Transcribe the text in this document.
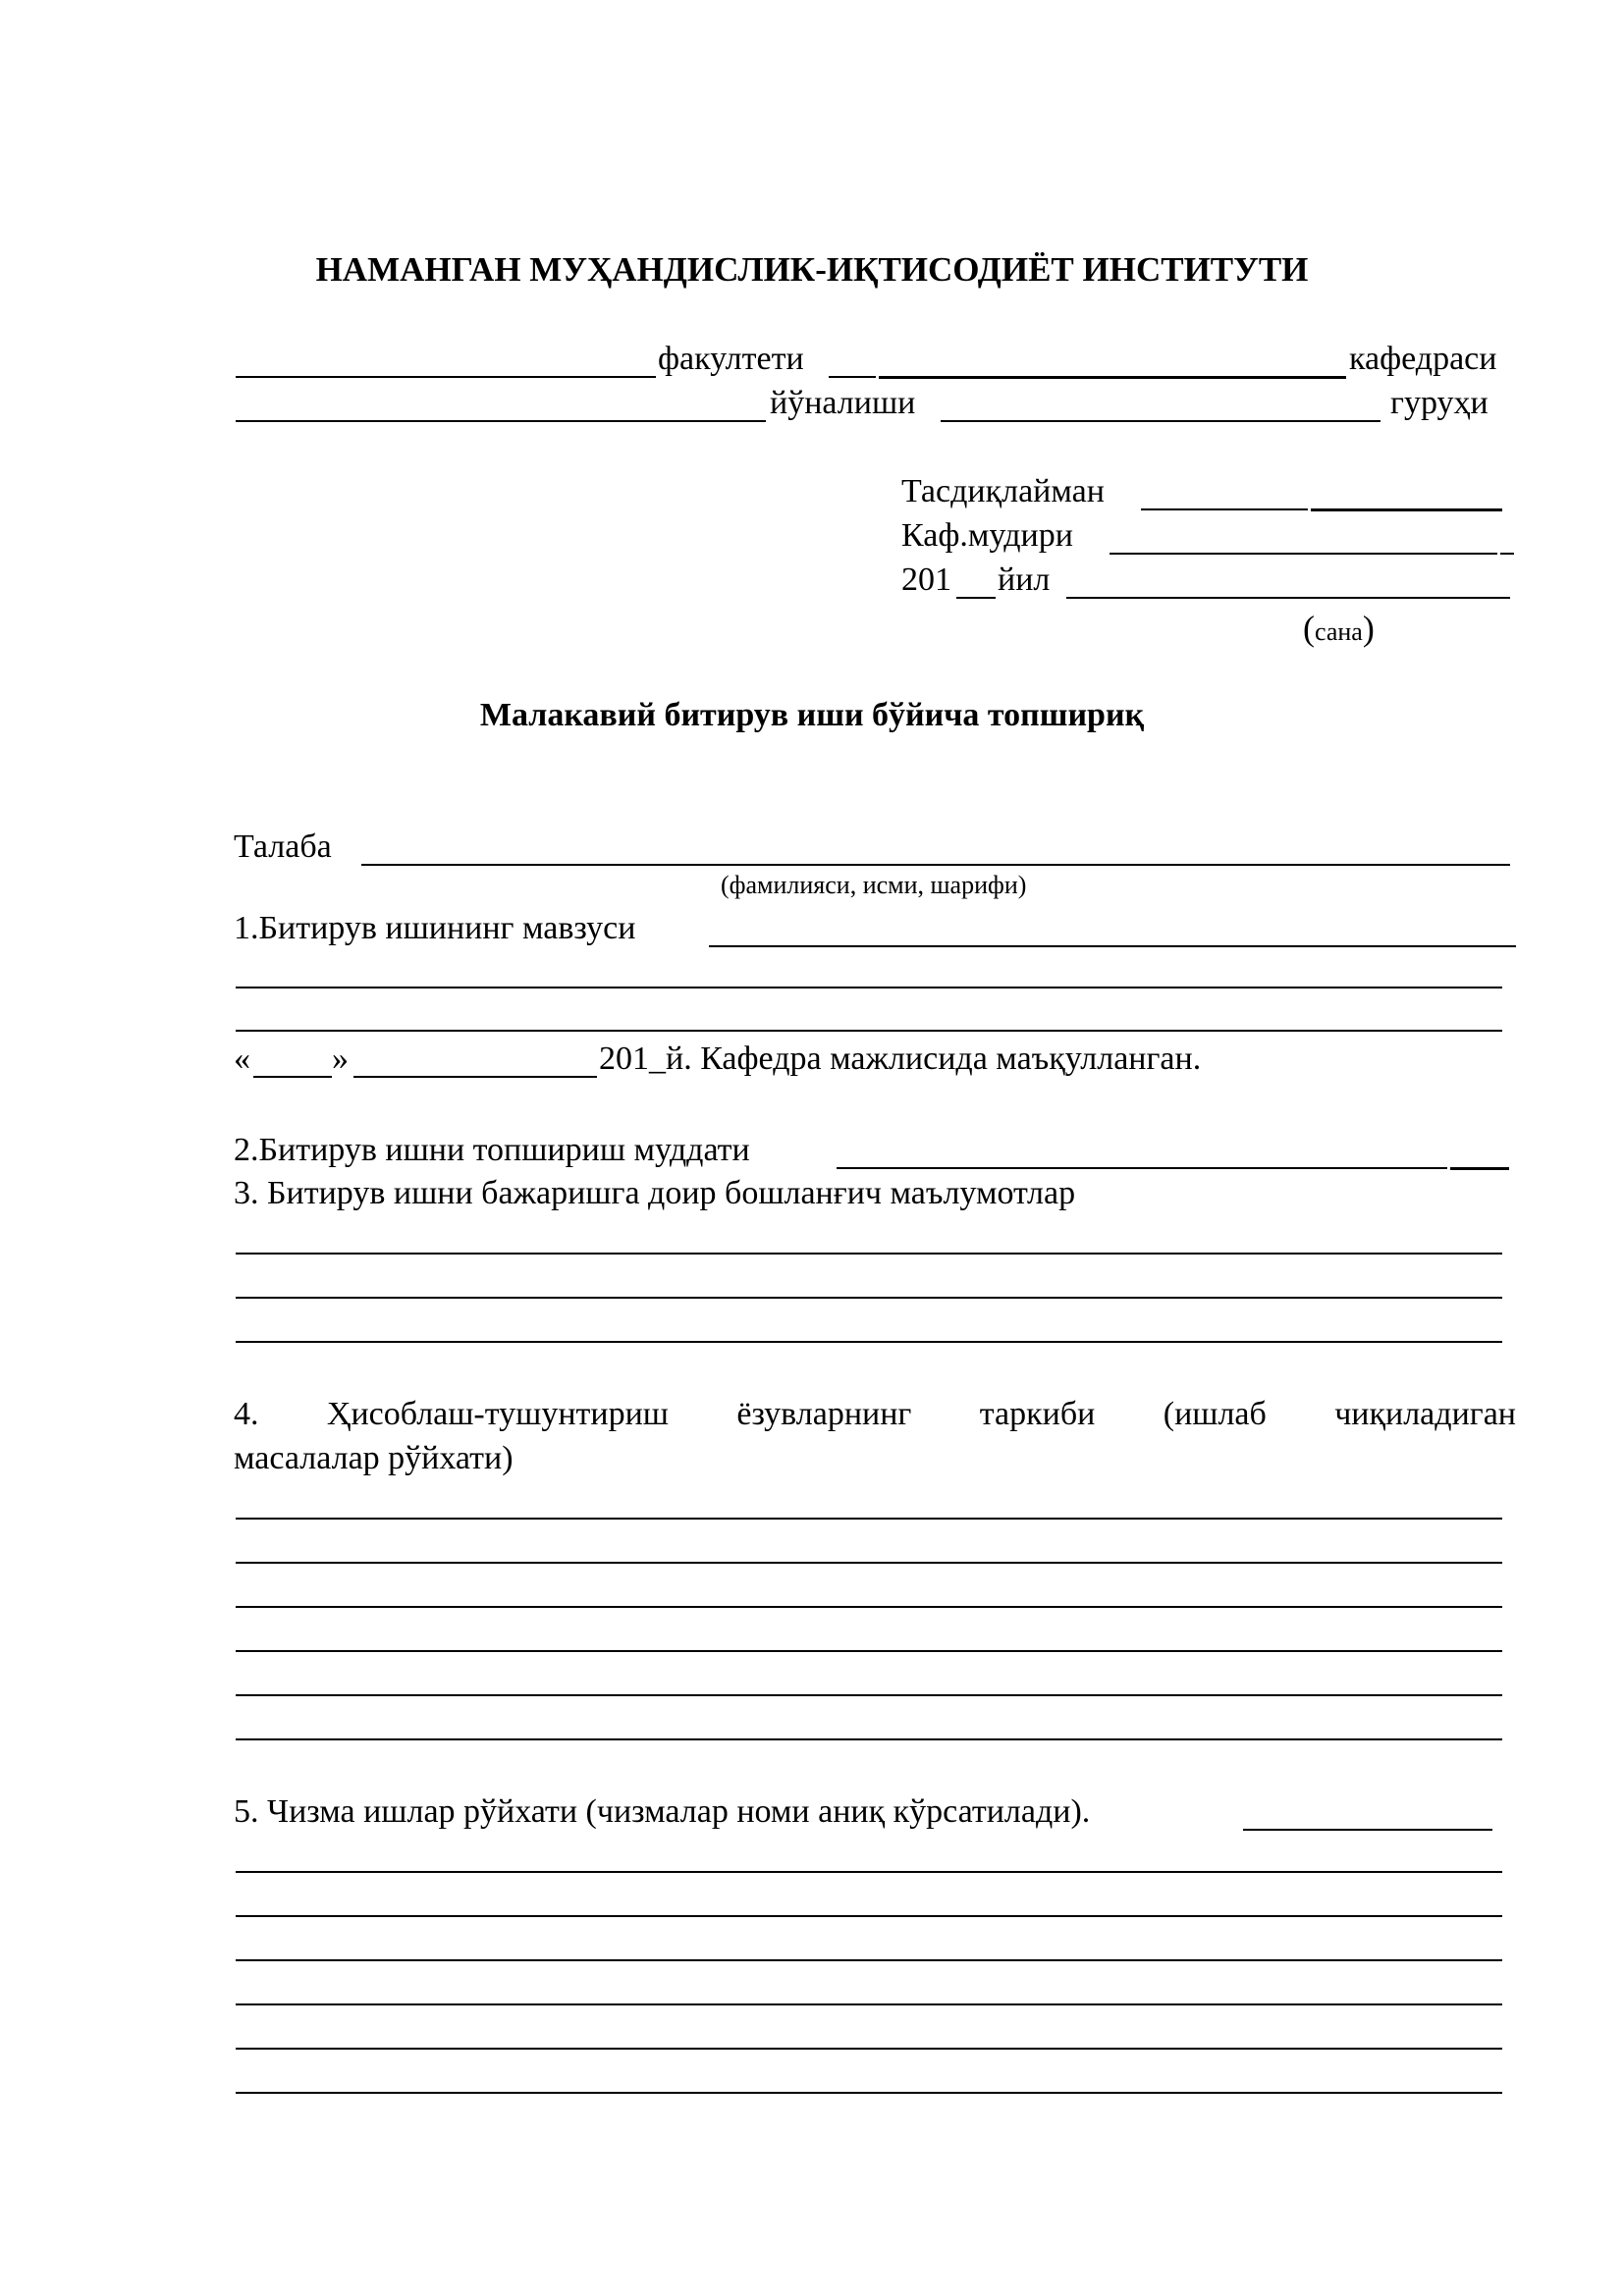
НАМАНГАН МУҲАНДИСЛИК-ИҚТИСОДИЁТ ИНСТИТУТИ
факултети	кафедраси
йўналиши	гуруҳи
Тасдиқлайман
Каф.мудири
201 йил
(сана)
Малакавий битирув иши бўйича топшириқ
Талаба
(фамилияси, исми, шарифи)
1.Битирув ишининг мавзуси
« »	201_й. Кафедра мажлисида маъқулланган.
2.Битирув ишни топшириш муддати
3. Битирув ишни бажаришга доир бошланғич маълумотлар
4. Ҳисоблаш-тушунтириш ёзувларнинг таркиби (ишлаб чиқиладиган
масалалар рўйхати)
5. Чизма ишлар рўйхати (чизмалар номи аниқ кўрсатилади).
